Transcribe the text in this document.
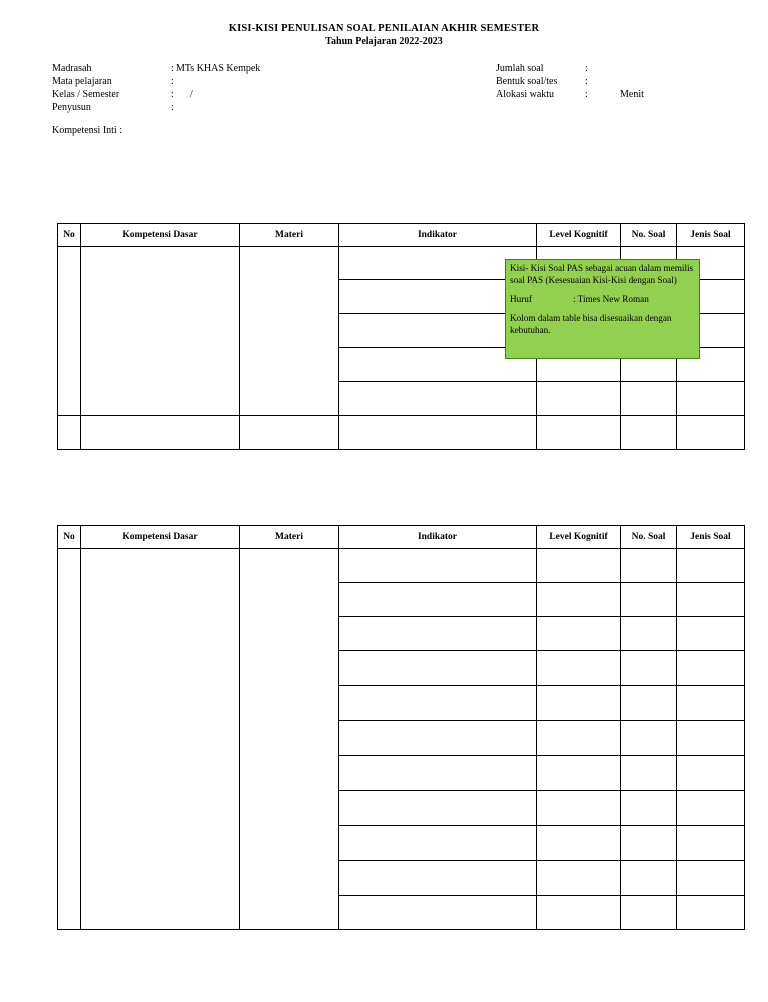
KISI-KISI PENULISAN SOAL PENILAIAN AKHIR SEMESTER
Tahun Pelajaran 2022-2023
Madrasah	: MTs KHAS Kempek
Mata pelajaran	:
Kelas / Semester	: /
Penyusun	:
Jumlah soal	:
Bentuk soal/tes	:
Alokasi waktu	:	Menit
Kompetensi Inti :
No	Kompetensi Dasar	Materi	Indikator	Level Kognitif	No. Soal	Jenis Soal

Kisi- Kisi Soal PAS sebagai acuan dalam memilis soal PAS (Kesesuaian Kisi-Kisi dengan Soal)

Huruf	: Times New Roman

Kolom dalam table bisa disesuaikan dengan kebutuhan.

No	Kompetensi Dasar	Materi	Indikator	Level Kognitif	No. Soal	Jenis Soal
